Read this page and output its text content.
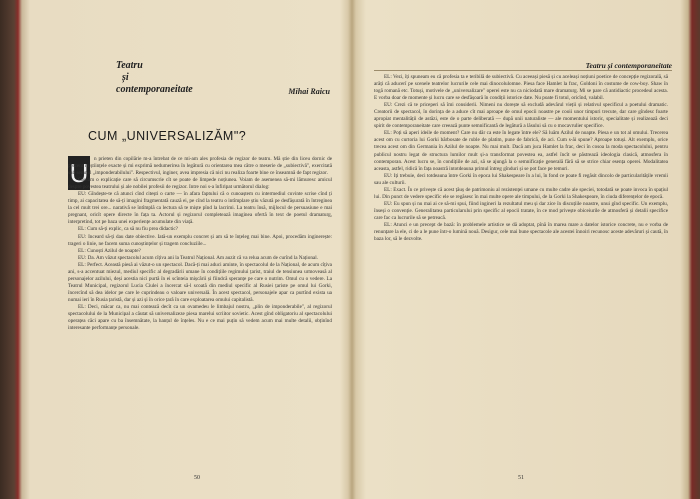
Teatru
și
contemporaneitate	Mihai Raicu
CUM „UNIVERSALIZĂM"?
U	n prieten din copilărie m-a întrebat de ce mi-am ales profesia de regizor de teatru. Mă știe din liceu dornic de prezent în științele exacte și mi exprimă nedumerirea în legătură cu orientarea mea către o meserie de „subiectivă", exercitată sub semnul „imponderabilului". Respectivul, inginer, avea impresia că nici nu realiza foarte bine ce înseamnă de fapt regizor.

Căutam o explicație care să circumscrie cît se poate de limpede noțiunea. Voiam de asemenea să-mi lămuresc amicul despre povestea teatrului și ale nobilei profesii de regizor. Intre noi s-a înfiripat următorul dialog:

EU: Gîndește-te că atunci cînd citești o carte — în afara faptului că o cunoaștem cu intermediul cuvinte scrise cînd ți timp, ai capacitatea de să-ți imagini fragmentată cauză ei, pe cînd la teatru o intîmplare știu văzută pe desfășurată în întreginea la cel mult trei ore... narativă se întîmplă ca lectura să te miște pînd la lacrimi. La teatru însă, mijlocul de persuasiune e mai pregnant, oricît opere directe în fața ta. Actorul și regizorul completează imaginea ofertă în text de poetul dramaturg, interpretind, tot pe baza unei experiențe acumulate din viață.

EL: Cum să-ți explic, ca să nu fiu prea didactic?

EU: Inceard să-ți dau date obiective. Iată-un exemplu concret și am să te înțeleg mai bine. Apoi, procedăm inginerește: trageri o linie, ne facem suma cunoștințelor și tragem concluziile...

EL: Cunoști Azilul de noapte?

EU: Da. Am văzut spectacolul acum cîțiva ani la Teatrul Național. Am auzit că va relua acum de curînd la Național.

EL: Perfect. Această piesă ai văzut-o un spectacol. Dacă-ți mai aduci aminte, în spectacolul de la Național, de acum cîțiva ani, s-a accentuat miezul, mediul specific al degradării umane în condițiile regimului țarist, traiul de tensiunea urmoveasă al personajelor azilului, deși acestia nici purtă în ei scînteia mișcării și fiindcă speranțe pe care o nutrim. Omul cu o vedere. La Teatrul Municipal, regizorul Lucia Ciulei a încercat să-l scoată din mediul specific al Rusiei țariste pe omul lui Gorki, încercînd să dea idelor pe care le cuprindeau o valoare universală. În acest spectacol, personajele apar ca purtînd exista ua numai ieri în Rusia țaristă, dar și azi și în orice țară în care exploatarea omului capitalistă.

EL: Deci, măcar ca, nu mai contează decît ca un ovamedeu le limbajul nostru, „plin de imponderabile", al regizorul spectacolului de la Municipal a căutat să universalizeze piesa marelui scriitor sovietic. Acest gînd obligatoriu al spectacolului operațea căci apare cu ba însemnătate, la hanțul de înțeles. Nu e ce mai puțin să vedem acum mai multe detalii, obținînd interesante performanțe personale.

50
Teatru și contemporaneitate

EL: Vezi, îți spuneam eu că profesia ta e teribilă de subiectivă. Cu aceeași piesă și cu aceleași noțiuni poetice de concepție regizorală, să arăți că aducerî pe scenele teatrelor lucrurile cele mai dinocolulomne. Piesa face Hamlet la frac, Goldoni în costume de cow-boy. Shaw în togă romană etc. Totuși, motivele de „universalizare" operei este nu ca niciodată mare dramaturg. Mi se pare că antidiactic procedeul acesta. E vorba doar de momente și lucru care se desfășoară în condiții istorice date. Nu poate fi totul, oricînd, valabil.

EU: Crezi că te priceperi să îmi considerii. Nimeni nu dorește să excludă adevărul vieții și relativul specificul a poetului dramatic. Creatorii de spectacol, în dorința de a aduce cît mai aproape de omul epocii noastre pe cooii unor timpuri trecute, dar care gîndesc foarte apropiat mentalității de astăzi, este de o parte deliberată — după unii naturaliste — ale momentului istoric, specialitate și realizează deci spirit de contemporaneitate care creează punte semnificantă de legătură a lăsului să cu o mocavrulier specifice.

EL: Poți să aperi ideile de moment? Care nu dăr ca este în legate între ele? Să luăm Azilul de noapte. Piesa e un tot al omului. Trecerea acest om cu curtoria lui Gorki bărbosate de ruble de platim, pune de fabrică, de aci. Cum s-ăi spune? Aproape totuși. Alt exemplu, orice trecea acest om din Germania în Azilul de noapte. Nu mai mult. Dacă am juca Hamlet la frac, deci în cosoa la moda spectacolului, pentru publicul nostru legat de structura lumilor mult și-a transformat povestea ea, astfel încît se păstrează ideologia clasică, atmosfera în contemporan. Acest lucru se, în condițiile de azi, să se ajungă la o semnificație generală fără să se strice chiar esența operei. Modalitatea aceasta, astfel, ridică în fața noastră intotdeauna primul întreg gînduri și se pot face pe temuri.

EU: Iți trebuie, deci totdeauna între Gorki în epoca lui Shakespeare în a lui, în fond ce poate fi regăsit dincolo de particularitățile vremii sau ale culturii.

EL: Exact. În ce privește că acest țăuș de patrimoniu al rezistenței umane cu multe cadre ale speciei, totodată se poate invoca în spațiul lui. Din punct de vedere specific ele se regăsesc în mai multe opere ale timpului, de la Gorki la Shakespeare, în ciuda diferențelor de epocă.

EU: Eu spun și nu mai ai ce să-mi spui, fiind ingineri la rezultatul meu și dar zice în discuțiile noastre, unui gînd specific. Un exemplu, înseși o convenție. Generalitatea particularului prin specific al epocii tratate, în ce mod privește obiceiurile de atmosferă și detalii specifice care fac ca lucrurile să se petreacă.

EL: Atunci e un precept de bază: în problemele artistice se dă adoptat, pînă în marea mare a datelor istorice concrete, nu e vorba de renunțare la ele, ci de a le pune într-o lumină nouă. Desigur, cele mai bune spectacole ale acestei înnoiri recunosc aceste adevăruri și caută, în baza lor, să le dezvolte.

51
